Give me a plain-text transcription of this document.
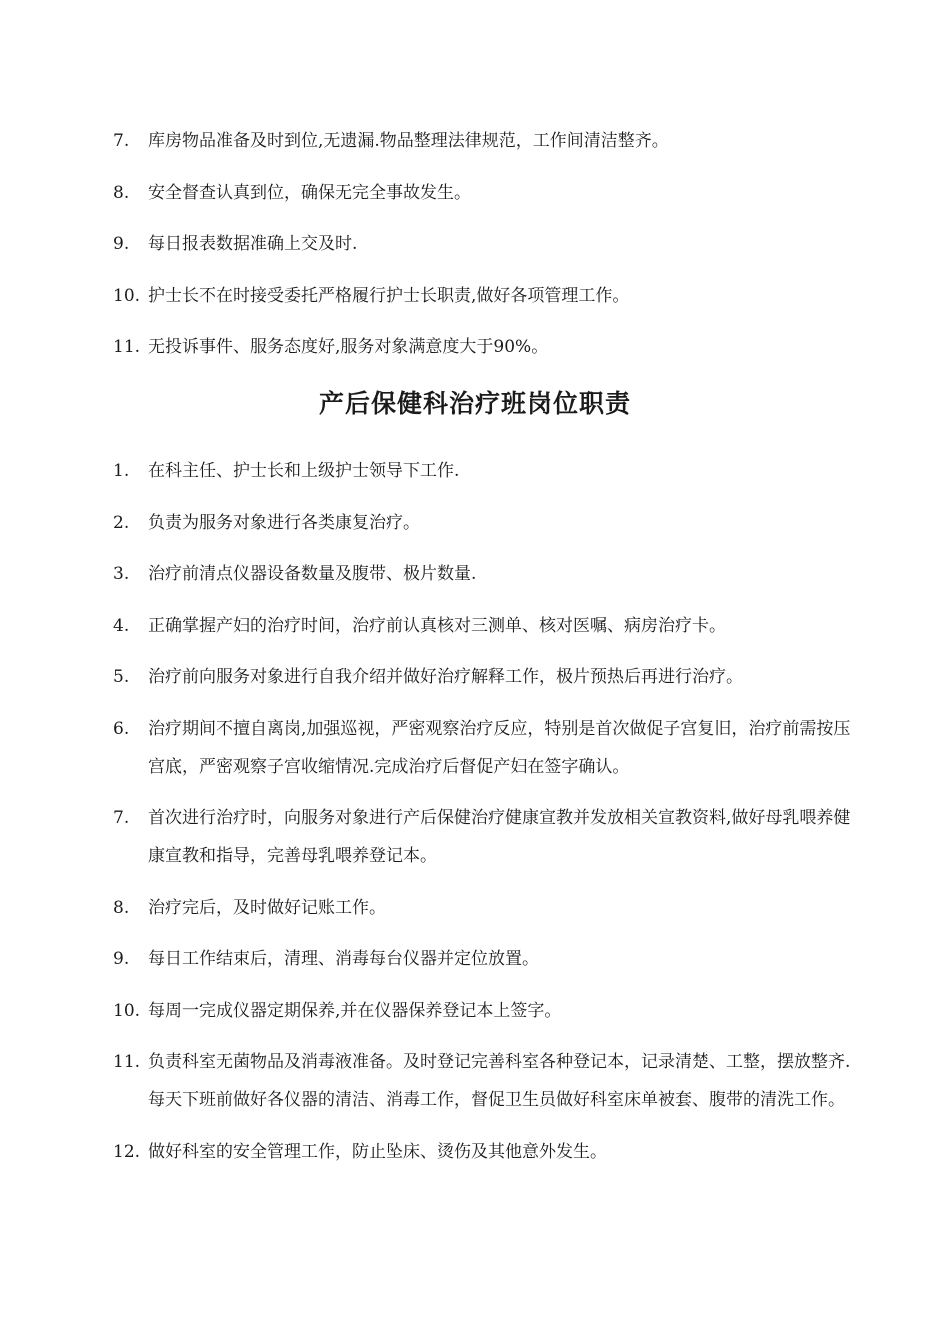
7.	库房物品准备及时到位,无遗漏.物品整理法律规范，工作间清洁整齐。
8.	安全督查认真到位，确保无完全事故发生。
9.	每日报表数据准确上交及时.
10. 护士长不在时接受委托严格履行护士长职责,做好各项管理工作。
11. 无投诉事件、服务态度好,服务对象满意度大于90%。
产后保健科治疗班岗位职责
1.	在科主任、护士长和上级护士领导下工作.
2.	负责为服务对象进行各类康复治疗。
3.	治疗前清点仪器设备数量及腹带、极片数量.
4.	正确掌握产妇的治疗时间，治疗前认真核对三测单、核对医嘱、病房治疗卡。
5.	治疗前向服务对象进行自我介绍并做好治疗解释工作，极片预热后再进行治疗。
6.	治疗期间不擅自离岗,加强巡视，严密观察治疗反应，特别是首次做促子宫复旧，治疗前需按压宫底，严密观察子宫收缩情况.完成治疗后督促产妇在签字确认。
7.	首次进行治疗时，向服务对象进行产后保健治疗健康宣教并发放相关宣教资料,做好母乳喂养健康宣教和指导，完善母乳喂养登记本。
8.	治疗完后，及时做好记账工作。
9.	每日工作结束后，清理、消毒每台仪器并定位放置。
10. 每周一完成仪器定期保养,并在仪器保养登记本上签字。
11. 负责科室无菌物品及消毒液准备。及时登记完善科室各种登记本，记录清楚、工整，摆放整齐.每天下班前做好各仪器的清洁、消毒工作，督促卫生员做好科室床单被套、腹带的清洗工作。
12. 做好科室的安全管理工作，防止坠床、烫伤及其他意外发生。
